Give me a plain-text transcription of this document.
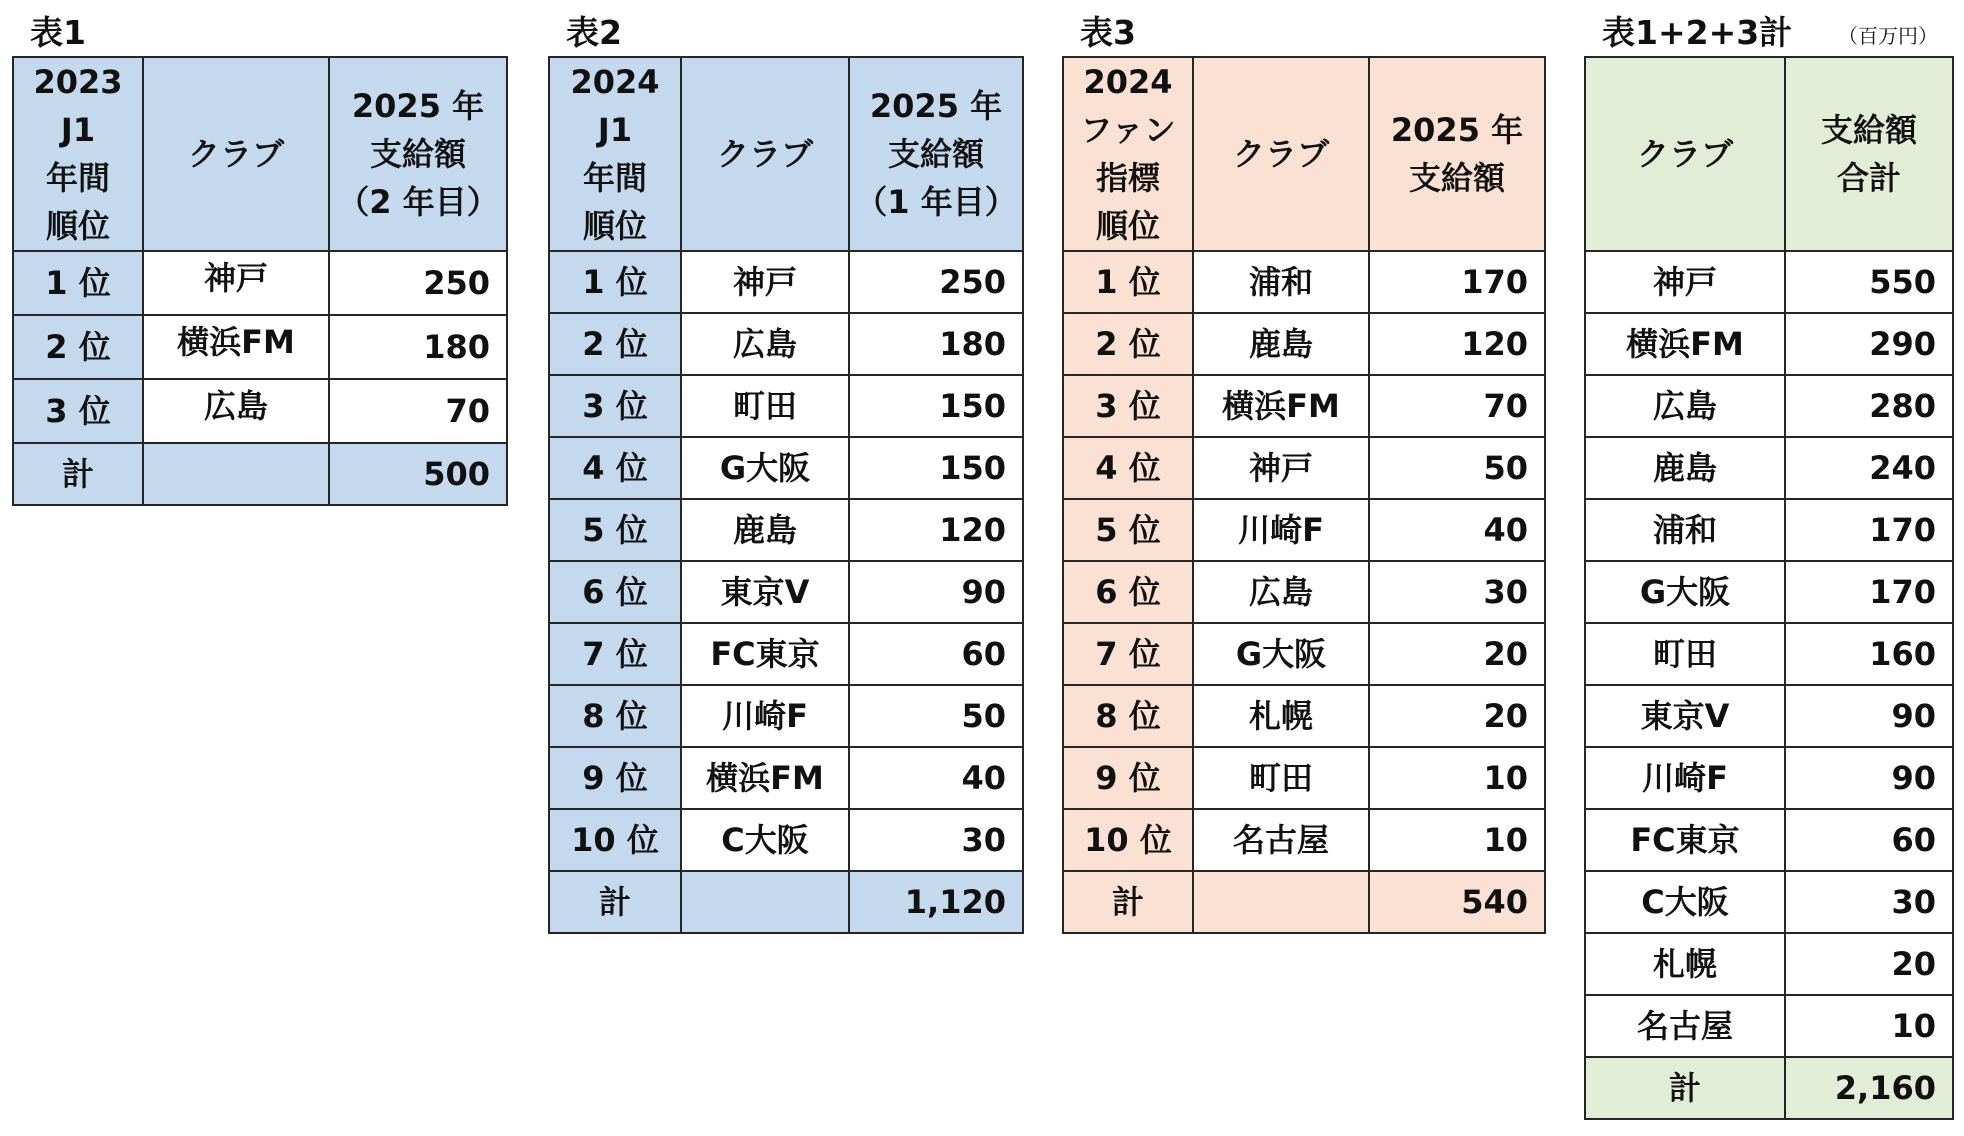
表1	表2	表3	表1+2+3計 （百万円）
2023
J1
年間
順位	クラブ	2025 年
支給額
（2 年目）

1 位	神戸	250
2 位	横浜FM	180
3 位	広島	70
計		500
2024
J1
年間
順位	クラブ	2025 年
支給額
（1 年目）

1 位	神戸	250
2 位	広島	180
3 位	町田	150
4 位	G大阪	150
5 位	鹿島	120
6 位	東京V	90
7 位	FC東京	60
8 位	川崎F	50
9 位	横浜FM	40
10 位	C大阪	30
計		1,120
2024
ファン
指標
順位	クラブ	2025 年
支給額

1 位	浦和	170
2 位	鹿島	120
3 位	横浜FM	70
4 位	神戸	50
5 位	川崎F	40
6 位	広島	30
7 位	G大阪	20
8 位	札幌	20
9 位	町田	10
10 位	名古屋	10
計		540
クラブ	支給額
合計

神戸	550
横浜FM	290
広島	280
鹿島	240
浦和	170
G大阪	170
町田	160
東京V	90
川崎F	90
FC東京	60
C大阪	30
札幌	20
名古屋	10
計	2,160
